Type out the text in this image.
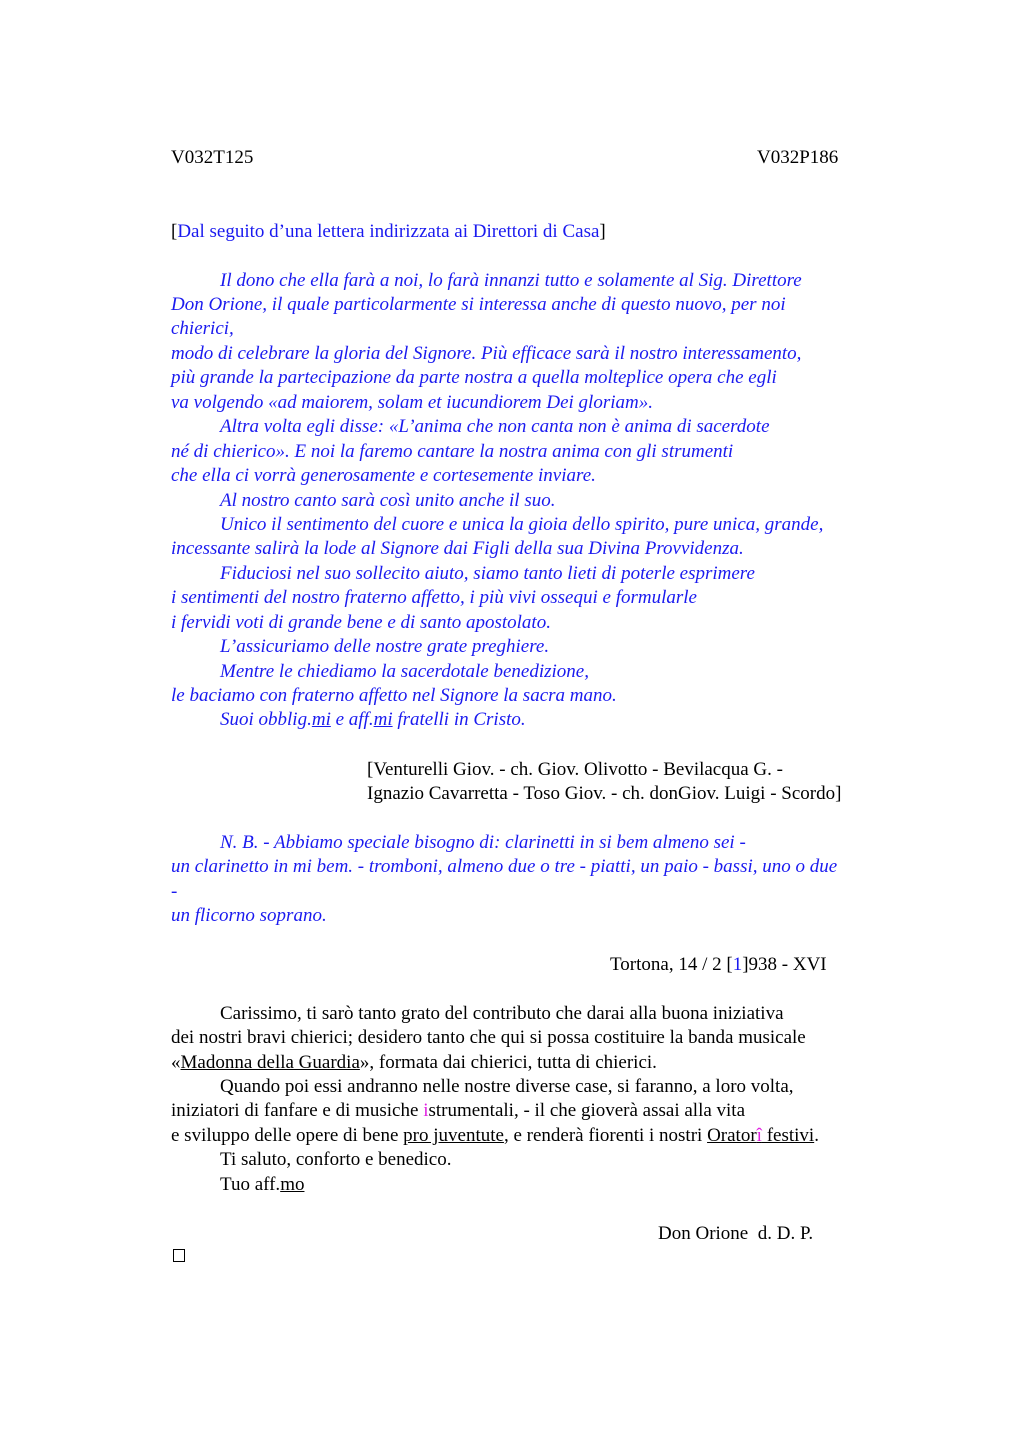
V032T125	V032P186
[Dal seguito d’una lettera indirizzata ai Direttori di Casa]
Il dono che ella farà a noi, lo farà innanzi tutto e solamente al Sig. Direttore
Don Orione, il quale particolarmente si interessa anche di questo nuovo, per noi
chierici,
modo di celebrare la gloria del Signore. Più efficace sarà il nostro interessamento,
più grande la partecipazione da parte nostra a quella molteplice opera che egli
va volgendo «ad maiorem, solam et iucundiorem Dei gloriam».
Altra volta egli disse: «L’anima che non canta non è anima di sacerdote
né di chierico». E noi la faremo cantare la nostra anima con gli strumenti
che ella ci vorrà generosamente e cortesemente inviare.
Al nostro canto sarà così unito anche il suo.
Unico il sentimento del cuore e unica la gioia dello spirito, pure unica, grande,
incessante salirà la lode al Signore dai Figli della sua Divina Provvidenza.
Fiduciosi nel suo sollecito aiuto, siamo tanto lieti di poterle esprimere
i sentimenti del nostro fraterno affetto, i più vivi ossequi e formularle
i fervidi voti di grande bene e di santo apostolato.
L’assicuriamo delle nostre grate preghiere.
Mentre le chiediamo la sacerdotale benedizione,
le baciamo con fraterno affetto nel Signore la sacra mano.
Suoi obblig.mi e aff.mi fratelli in Cristo.
[Venturelli Giov. - ch. Giov. Olivotto - Bevilacqua G. -
Ignazio Cavarretta - Toso Giov. - ch. donGiov. Luigi - Scordo]
N. B. - Abbiamo speciale bisogno di: clarinetti in si bem almeno sei -
un clarinetto in mi bem. - tromboni, almeno due o tre - piatti, un paio - bassi, uno o due
-
un flicorno soprano.
Tortona, 14 / 2 [1]938 - XVI
Carissimo, ti sarò tanto grato del contributo che darai alla buona iniziativa
dei nostri bravi chierici; desidero tanto che qui si possa costituire la banda musicale
«Madonna della Guardia», formata dai chierici, tutta di chierici.
Quando poi essi andranno nelle nostre diverse case, si faranno, a loro volta,
iniziatori di fanfare e di musiche istrumentali, - il che gioverà assai alla vita
e sviluppo delle opere di bene pro juventute, e renderà fiorenti i nostri Oratorî festivi.
Ti saluto, conforto e benedico.
Tuo aff.mo
Don Orione  d. D. P.
